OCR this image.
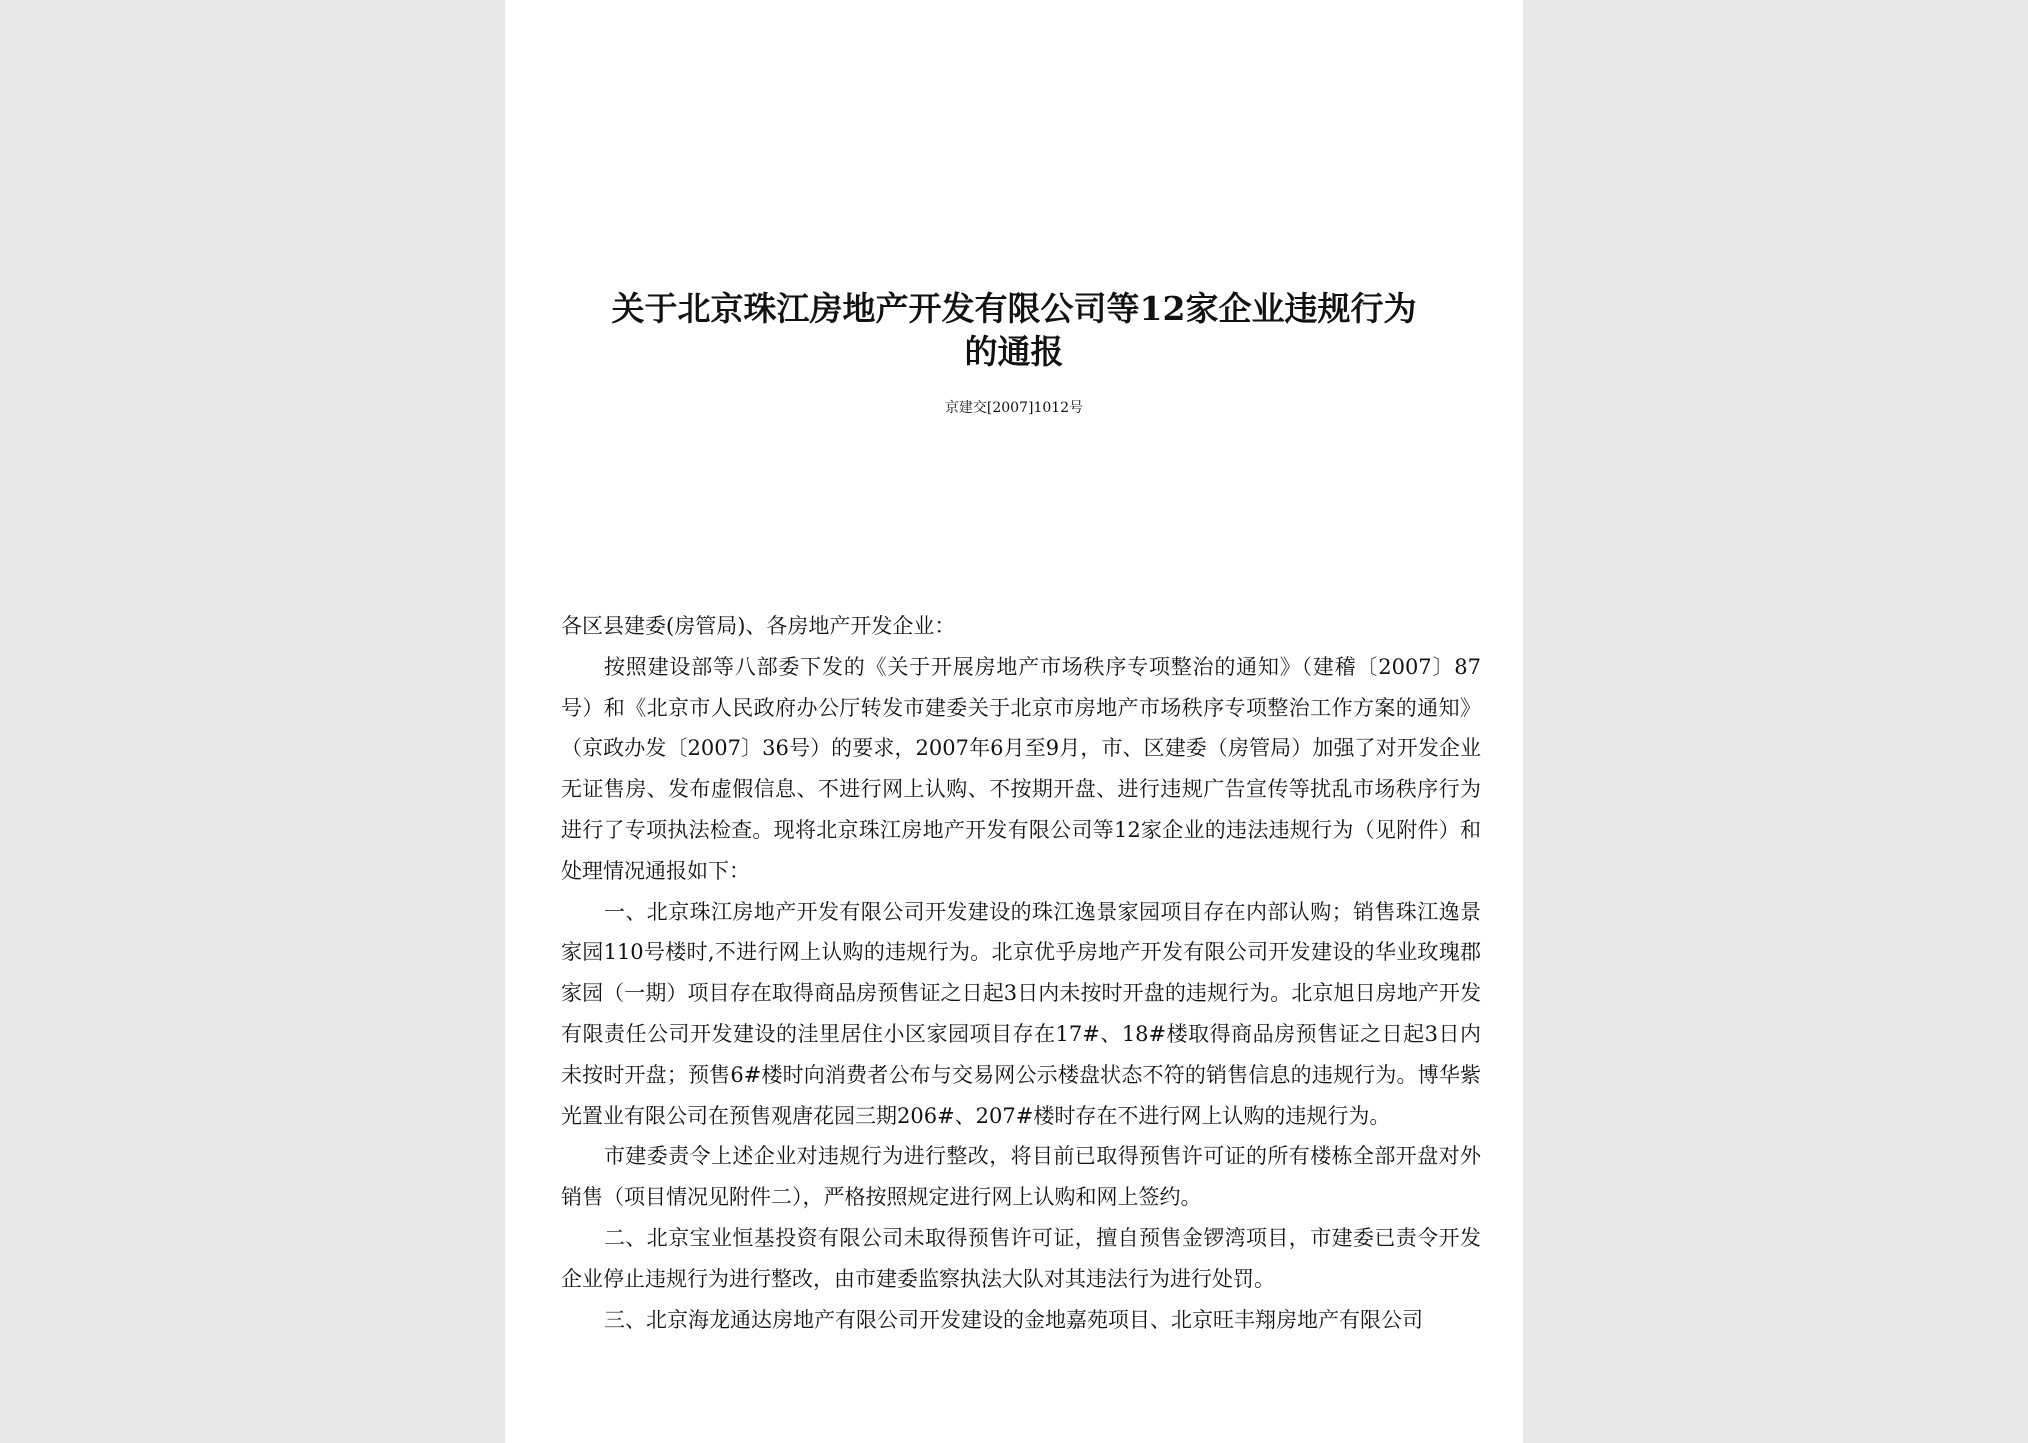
关于北京珠江房地产开发有限公司等12家企业违规行为
的通报

京建交[2007]1012号

各区县建委(房管局)、各房地产开发企业：

按照建设部等八部委下发的《关于开展房地产市场秩序专项整治的通知》（建稽〔2007〕87号）和《北京市人民政府办公厅转发市建委关于北京市房地产市场秩序专项整治工作方案的通知》（京政办发〔2007〕36号）的要求，2007年6月至9月，市、区建委（房管局）加强了对开发企业无证售房、发布虚假信息、不进行网上认购、不按期开盘、进行违规广告宣传等扰乱市场秩序行为进行了专项执法检查。现将北京珠江房地产开发有限公司等12家企业的违法违规行为（见附件）和处理情况通报如下：

一、北京珠江房地产开发有限公司开发建设的珠江逸景家园项目存在内部认购；销售珠江逸景家园110号楼时,不进行网上认购的违规行为。北京优乎房地产开发有限公司开发建设的华业玫瑰郡家园（一期）项目存在取得商品房预售证之日起3日内未按时开盘的违规行为。北京旭日房地产开发有限责任公司开发建设的洼里居住小区家园项目存在17#、18#楼取得商品房预售证之日起3日内未按时开盘；预售6#楼时向消费者公布与交易网公示楼盘状态不符的销售信息的违规行为。博华紫光置业有限公司在预售观唐花园三期206#、207#楼时存在不进行网上认购的违规行为。

市建委责令上述企业对违规行为进行整改，将目前已取得预售许可证的所有楼栋全部开盘对外销售（项目情况见附件二），严格按照规定进行网上认购和网上签约。

二、北京宝业恒基投资有限公司未取得预售许可证，擅自预售金锣湾项目，市建委已责令开发企业停止违规行为进行整改，由市建委监察执法大队对其违法行为进行处罚。

三、北京海龙通达房地产有限公司开发建设的金地嘉苑项目、北京旺丰翔房地产有限公司
